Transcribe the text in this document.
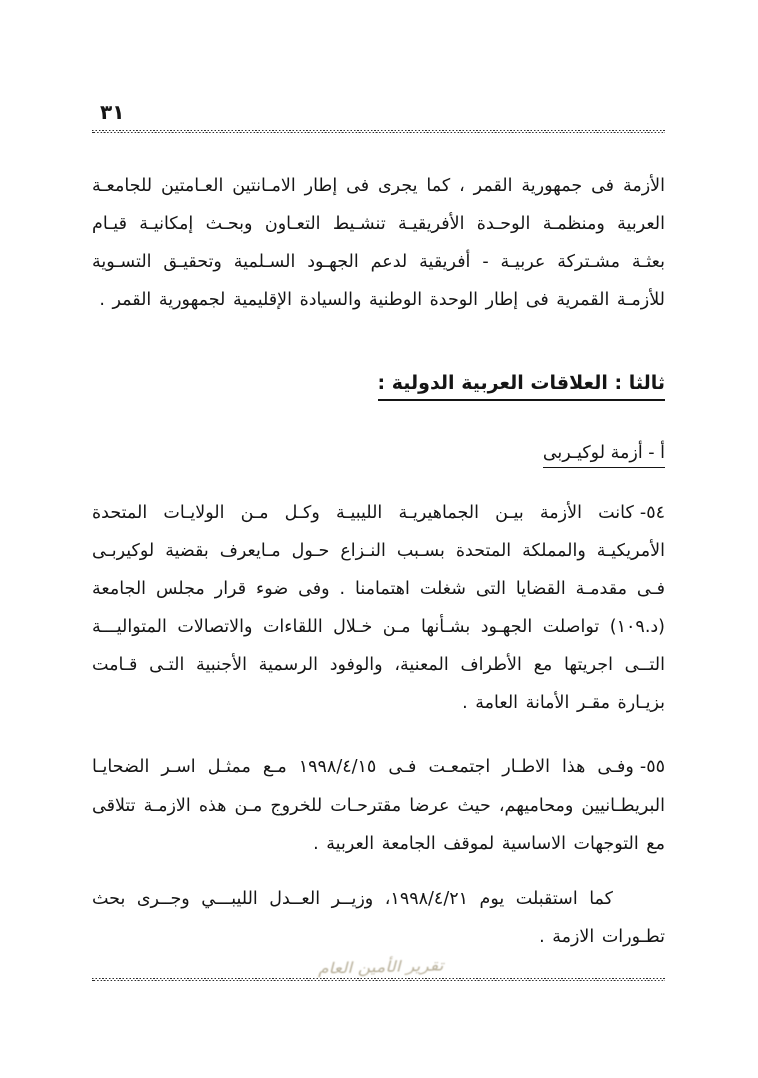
٣١

الأزمة فى جمهورية القمر ، كما يجرى فى إطار الامـانتين العـامتين للجامعـة العربية ومنظمـة الوحـدة الأفريقيـة تنشـيط التعـاون وبحـث إمكانيـة قيـام بعثـة مشـتركة عربيـة - أفريقية لدعم الجهـود السـلمية وتحقيـق التسـوية للأزمـة القمرية فى إطار الوحدة الوطنية والسيادة الإقليمية لجمهورية القمر .

ثالثا : العلاقات العربية الدولية :
أ - أزمة لوكيـربى

٥٤-كانت الأزمة بيـن الجماهيريـة الليبيـة وكـل مـن الولايـات المتحدة الأمريكيـة والمملكة المتحدة بسـبب النـزاع حـول مـايعرف بقضية لوكيربـى فـى مقدمـة القضايا التى شغلت اهتمامنا . وفى ضوء قرار مجلس الجامعة (د.١٠٩) تواصلت الجهـود بشـأنها مـن خـلال اللقاءات والاتصالات المتواليـــة التــى اجريتها مع الأطراف المعنية، والوفود الرسمية الأجنبية التـى قـامت بزيـارة مقـر الأمانة العامة .

٥٥-وفـى هذا الاطـار اجتمعـت فـى ١٩٩٨/٤/١٥ مـع ممثـل اسـر الضحايـا البريطـانيين ومحاميهم، حيث عرضا مقترحـات للخروج مـن هذه الازمـة تتلاقى مع التوجهات الاساسية لموقف الجامعة العربية .

كما استقبلت يوم ١٩٩٨/٤/٢١، وزيــر العــدل الليبـــي وجــرى بحث تطـورات الازمة .

تقرير الأمين العام
